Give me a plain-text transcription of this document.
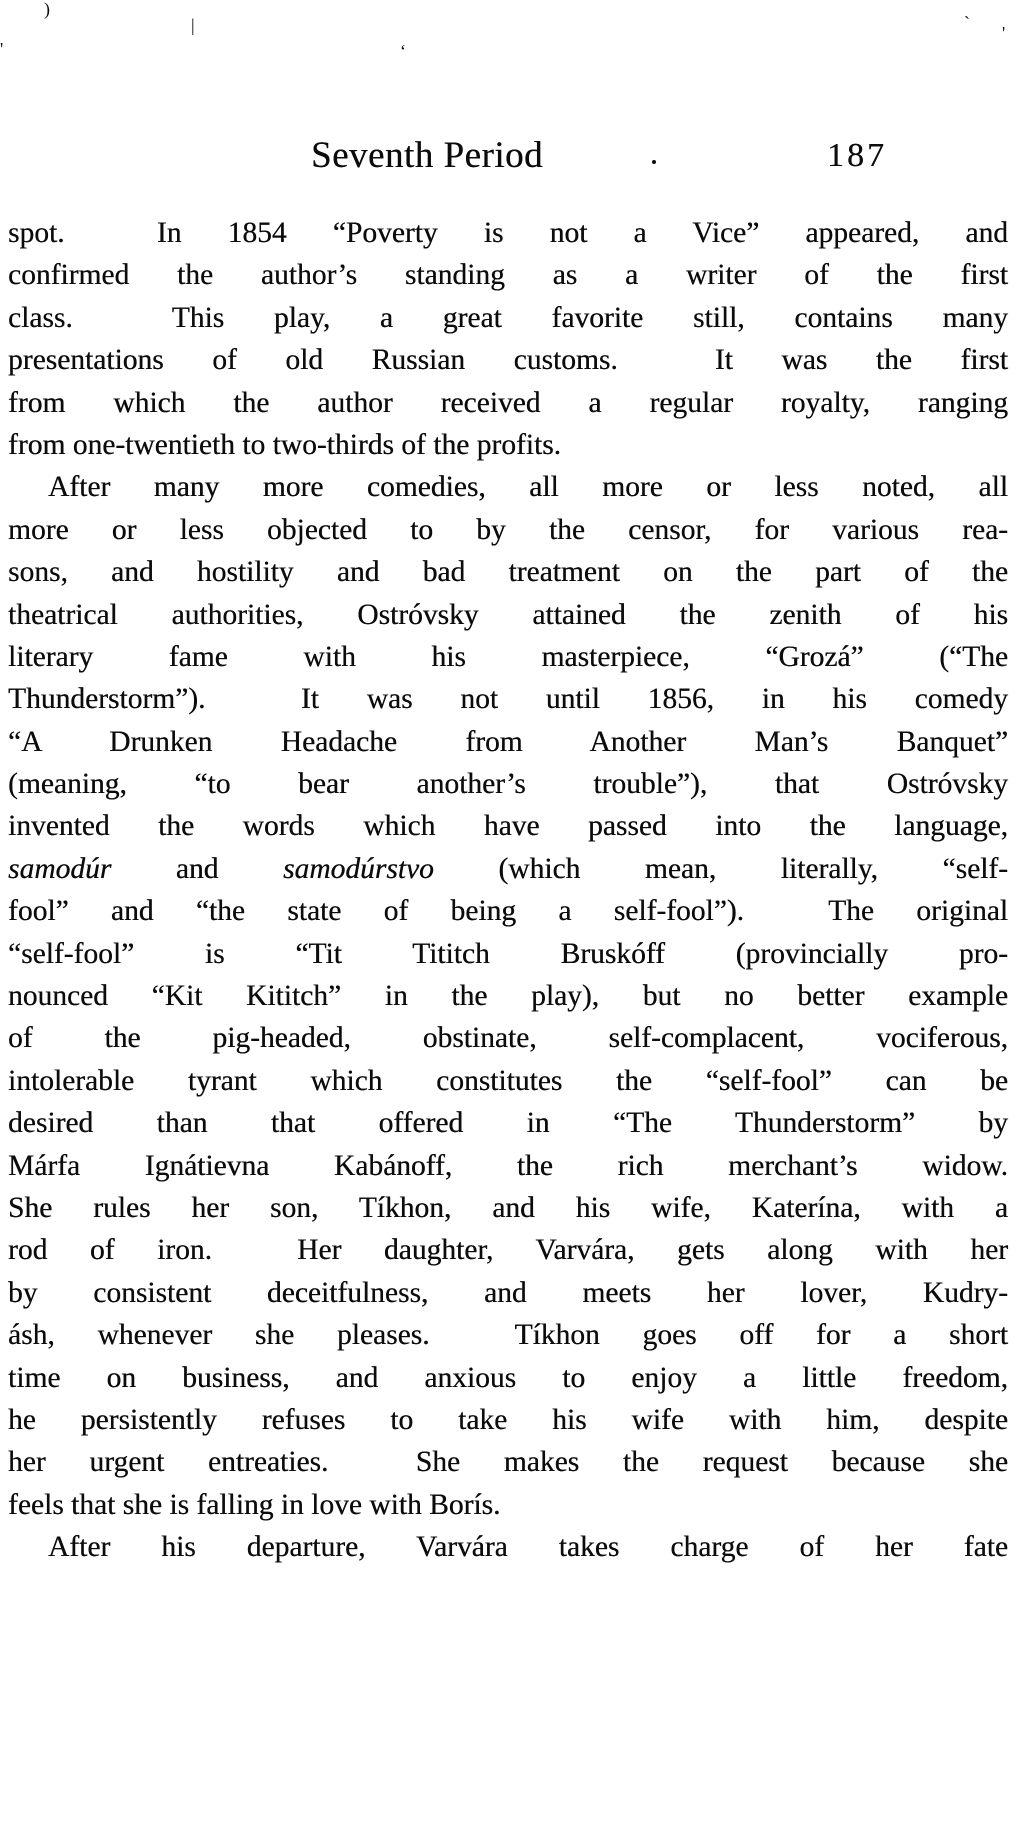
Seventh Period	187
spot.  In 1854 “Poverty is not a Vice” appeared, and
confirmed the author’s standing as a writer of the first
class.  This play, a great favorite still, contains many
presentations of old Russian customs.  It was the first
from which the author received a regular royalty, ranging
from one-twentieth to two-thirds of the profits.
After many more comedies, all more or less noted, all
more or less objected to by the censor, for various rea-
sons, and hostility and bad treatment on the part of the
theatrical authorities, Ostróvsky attained the zenith of his
literary fame with his masterpiece, “Grozá” (“The
Thunderstorm”).  It was not until 1856, in his comedy
“A Drunken Headache from Another Man’s Banquet”
(meaning, “to bear another’s trouble”), that Ostróvsky
invented the words which have passed into the language,
samodúr and samodúrstvo (which mean, literally, “self-
fool” and “the state of being a self-fool”).  The original
“self-fool” is “Tit Tititch Bruskóff (provincially pro-
nounced “Kit Kititch” in the play), but no better example
of the pig-headed, obstinate, self-complacent, vociferous,
intolerable tyrant which constitutes the “self-fool” can be
desired than that offered in “The Thunderstorm” by
Márfa Ignátievna Kabánoff, the rich merchant’s widow.
She rules her son, Tíkhon, and his wife, Katerína, with a
rod of iron.  Her daughter, Varvára, gets along with her
by consistent deceitfulness, and meets her lover, Kudry-
ásh, whenever she pleases.  Tíkhon goes off for a short
time on business, and anxious to enjoy a little freedom,
he persistently refuses to take his wife with him, despite
her urgent entreaties.  She makes the request because she
feels that she is falling in love with Borís.
After his departure, Varvára takes charge of her fate
)
|
'	ʻ
'
ˏ
